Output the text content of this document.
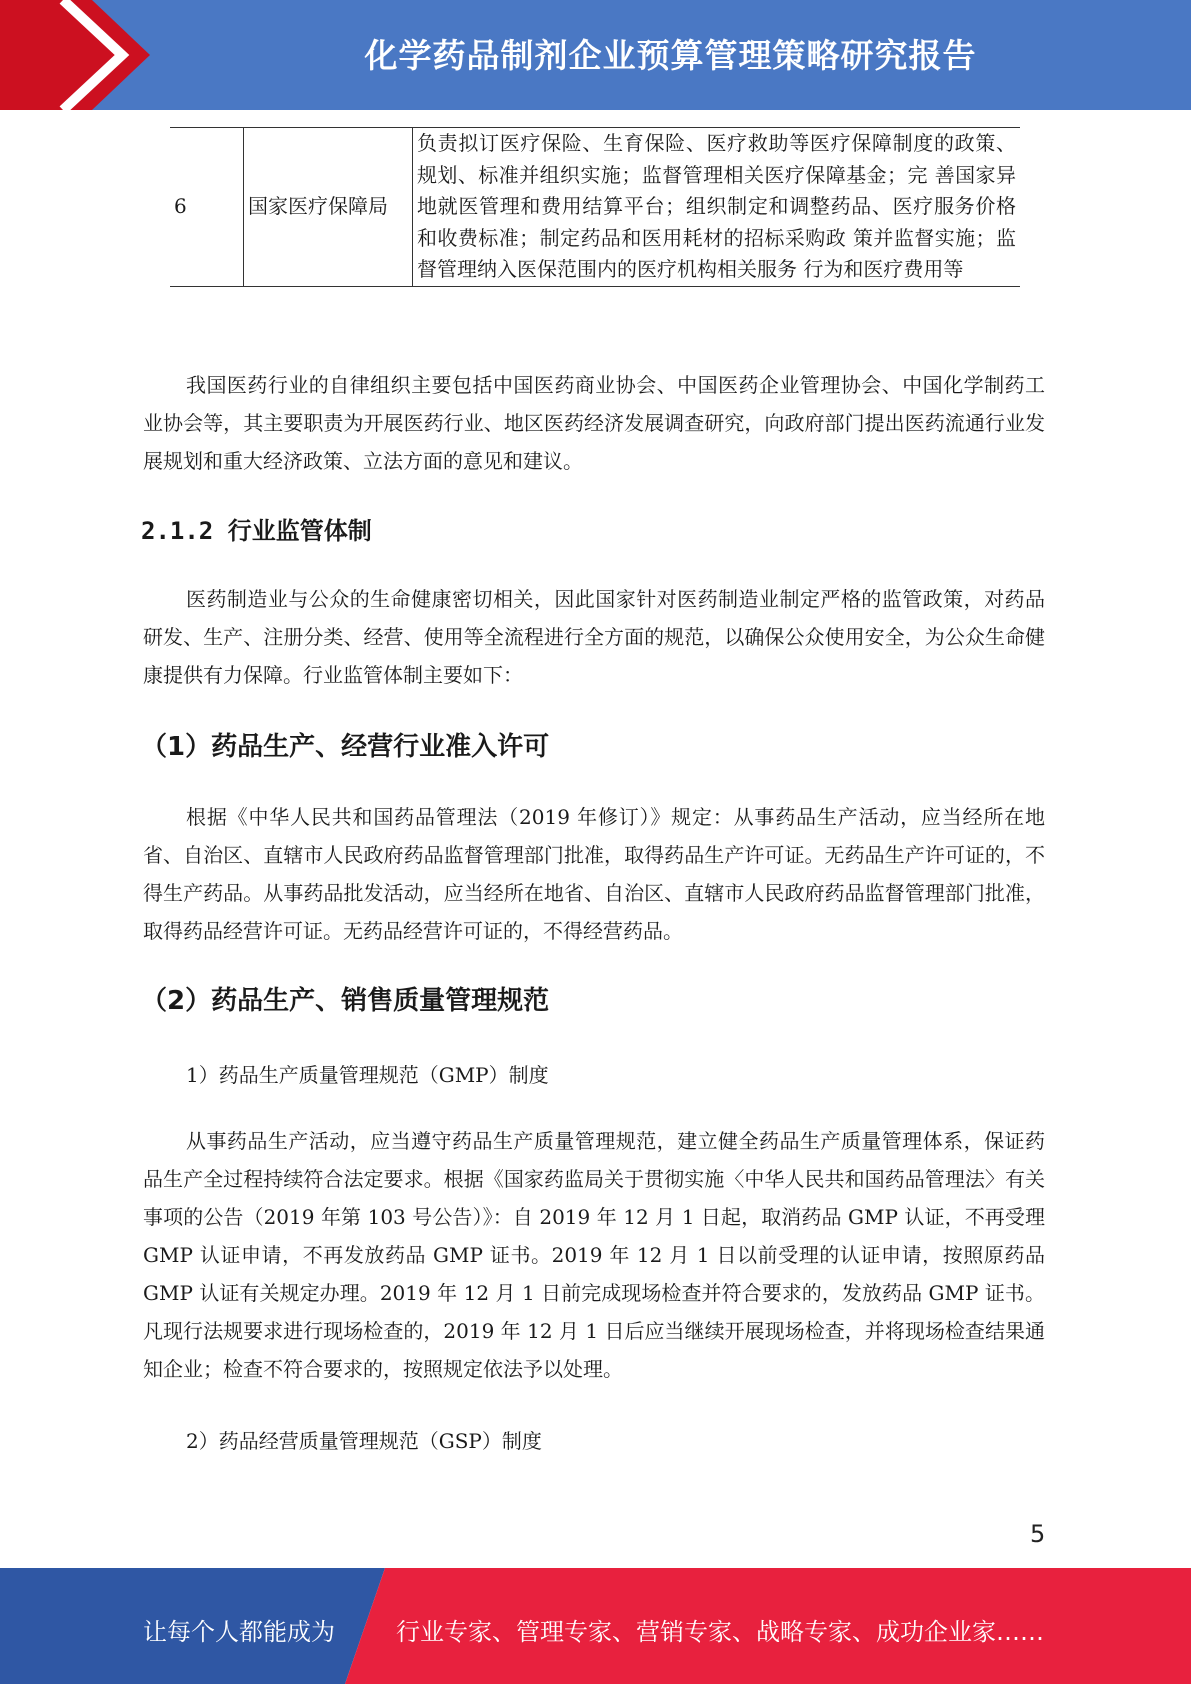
化学药品制剂企业预算管理策略研究报告
6	国家医疗保障局	负责拟订医疗保险、生育保险、医疗救助等医疗保障制度的政策、规划、标准并组织实施；监督管理相关医疗保障基金；完 善国家异地就医管理和费用结算平台；组织制定和调整药品、医疗服务价格和收费标准；制定药品和医用耗材的招标采购政 策并监督实施；监督管理纳入医保范围内的医疗机构相关服务 行为和医疗费用等

我国医药行业的自律组织主要包括中国医药商业协会、中国医药企业管理协会、中国化学制药工业协会等，其主要职责为开展医药行业、地区医药经济发展调查研究，向政府部门提出医药流通行业发展规划和重大经济政策、立法方面的意见和建议。

2.1.2 行业监管体制

医药制造业与公众的生命健康密切相关，因此国家针对医药制造业制定严格的监管政策，对药品研发、生产、注册分类、经营、使用等全流程进行全方面的规范，以确保公众使用安全，为公众生命健康提供有力保障。行业监管体制主要如下：

（1）药品生产、经营行业准入许可

根据《中华人民共和国药品管理法（2019 年修订）》规定：从事药品生产活动，应当经所在地省、自治区、直辖市人民政府药品监督管理部门批准，取得药品生产许可证。无药品生产许可证的，不得生产药品。从事药品批发活动，应当经所在地省、自治区、直辖市人民政府药品监督管理部门批准，取得药品经营许可证。无药品经营许可证的，不得经营药品。

（2）药品生产、销售质量管理规范

1）药品生产质量管理规范（GMP）制度

从事药品生产活动，应当遵守药品生产质量管理规范，建立健全药品生产质量管理体系，保证药品生产全过程持续符合法定要求。根据《国家药监局关于贯彻实施〈中华人民共和国药品管理法〉有关事项的公告（2019 年第 103 号公告）》：自 2019 年 12 月 1 日起，取消药品 GMP 认证，不再受理 GMP 认证申请，不再发放药品 GMP 证书。2019 年 12 月 1 日以前受理的认证申请，按照原药品 GMP 认证有关规定办理。2019 年 12 月 1 日前完成现场检查并符合要求的，发放药品 GMP 证书。凡现行法规要求进行现场检查的，2019 年 12 月 1 日后应当继续开展现场检查，并将现场检查结果通知企业；检查不符合要求的，按照规定依法予以处理。

2）药品经营质量管理规范（GSP）制度

5
让每个人都能成为	行业专家、管理专家、营销专家、战略专家、成功企业家……
